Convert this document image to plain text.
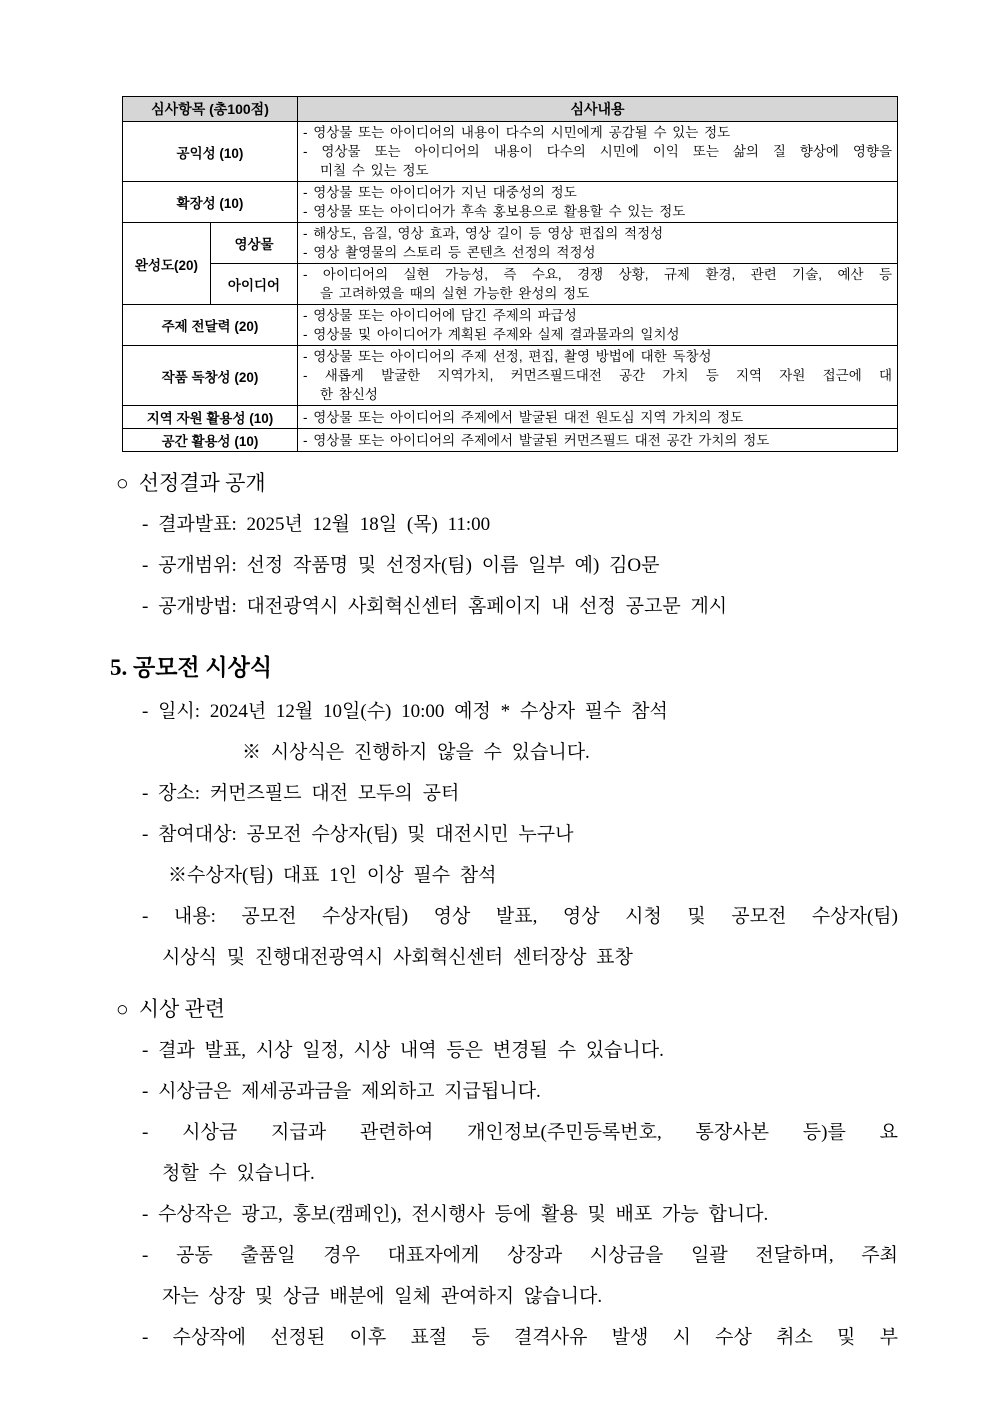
심사항목 (총100점)		심사내용
공익성 (10)		- 영상물 또는 아이디어의 내용이 다수의 시민에게 공감될 수 있는 정도
- 영상물 또는 아이디어의 내용이 다수의 시민에 이익 또는 삶의 질 향상에 영향을
미칠 수 있는 정도

확장성 (10)		- 영상물 또는 아이디어가 지닌 대중성의 정도
- 영상물 또는 아이디어가 후속 홍보용으로 활용할 수 있는 정도

완성도(20)	영상물	- 해상도, 음질, 영상 효과, 영상 길이 등 영상 편집의 적정성
- 영상 촬영물의 스토리 등 콘텐츠 선정의 적정성

	아이디어	- 아이디어의 실현 가능성, 즉 수요, 경쟁 상황, 규제 환경, 관련 기술, 예산 등
을 고려하였을 때의 실현 가능한 완성의 정도

주제 전달력 (20)		- 영상물 또는 아이디어에 담긴 주제의 파급성
- 영상물 및 아이디어가 계획된 주제와 실제 결과물과의 일치성

작품 독창성 (20)		- 영상물 또는 아이디어의 주제 선정, 편집, 촬영 방법에 대한 독창성
- 새롭게 발굴한 지역가치, 커먼즈필드대전 공간 가치 등 지역 자원 접근에 대
한 참신성

지역 자원 활용성 (10)		- 영상물 또는 아이디어의 주제에서 발굴된 대전 원도심 지역 가치의 정도

공간 활용성 (10)		- 영상물 또는 아이디어의 주제에서 발굴된 커먼즈필드 대전 공간 가치의 정도
○ 선정결과 공개
- 결과발표: 2025년 12월 18일 (목) 11:00
- 공개범위: 선정 작품명 및 선정자(팀) 이름 일부 예) 김O문
- 공개방법: 대전광역시 사회혁신센터 홈페이지 내 선정 공고문 게시
5. 공모전 시상식
- 일시: 2024년 12월 10일(수) 10:00 예정 * 수상자 필수 참석
※ 시상식은 진행하지 않을 수 있습니다.
- 장소: 커먼즈필드 대전 모두의 공터
- 참여대상: 공모전 수상자(팀) 및 대전시민 누구나
※수상자(팀) 대표 1인 이상 필수 참석
- 내용: 공모전 수상자(팀) 영상 발표, 영상 시청 및 공모전 수상자(팀)
시상식 및 진행대전광역시 사회혁신센터 센터장상 표창
○ 시상 관련
- 결과 발표, 시상 일정, 시상 내역 등은 변경될 수 있습니다.
- 시상금은 제세공과금을 제외하고 지급됩니다.
- 시상금 지급과 관련하여 개인정보(주민등록번호, 통장사본 등)를 요
청할 수 있습니다.
- 수상작은 광고, 홍보(캠페인), 전시행사 등에 활용 및 배포 가능 합니다.
- 공동 출품일 경우 대표자에게 상장과 시상금을 일괄 전달하며, 주최
자는 상장 및 상금 배분에 일체 관여하지 않습니다.
- 수상작에 선정된 이후 표절 등 결격사유 발생 시 수상 취소 및 부
